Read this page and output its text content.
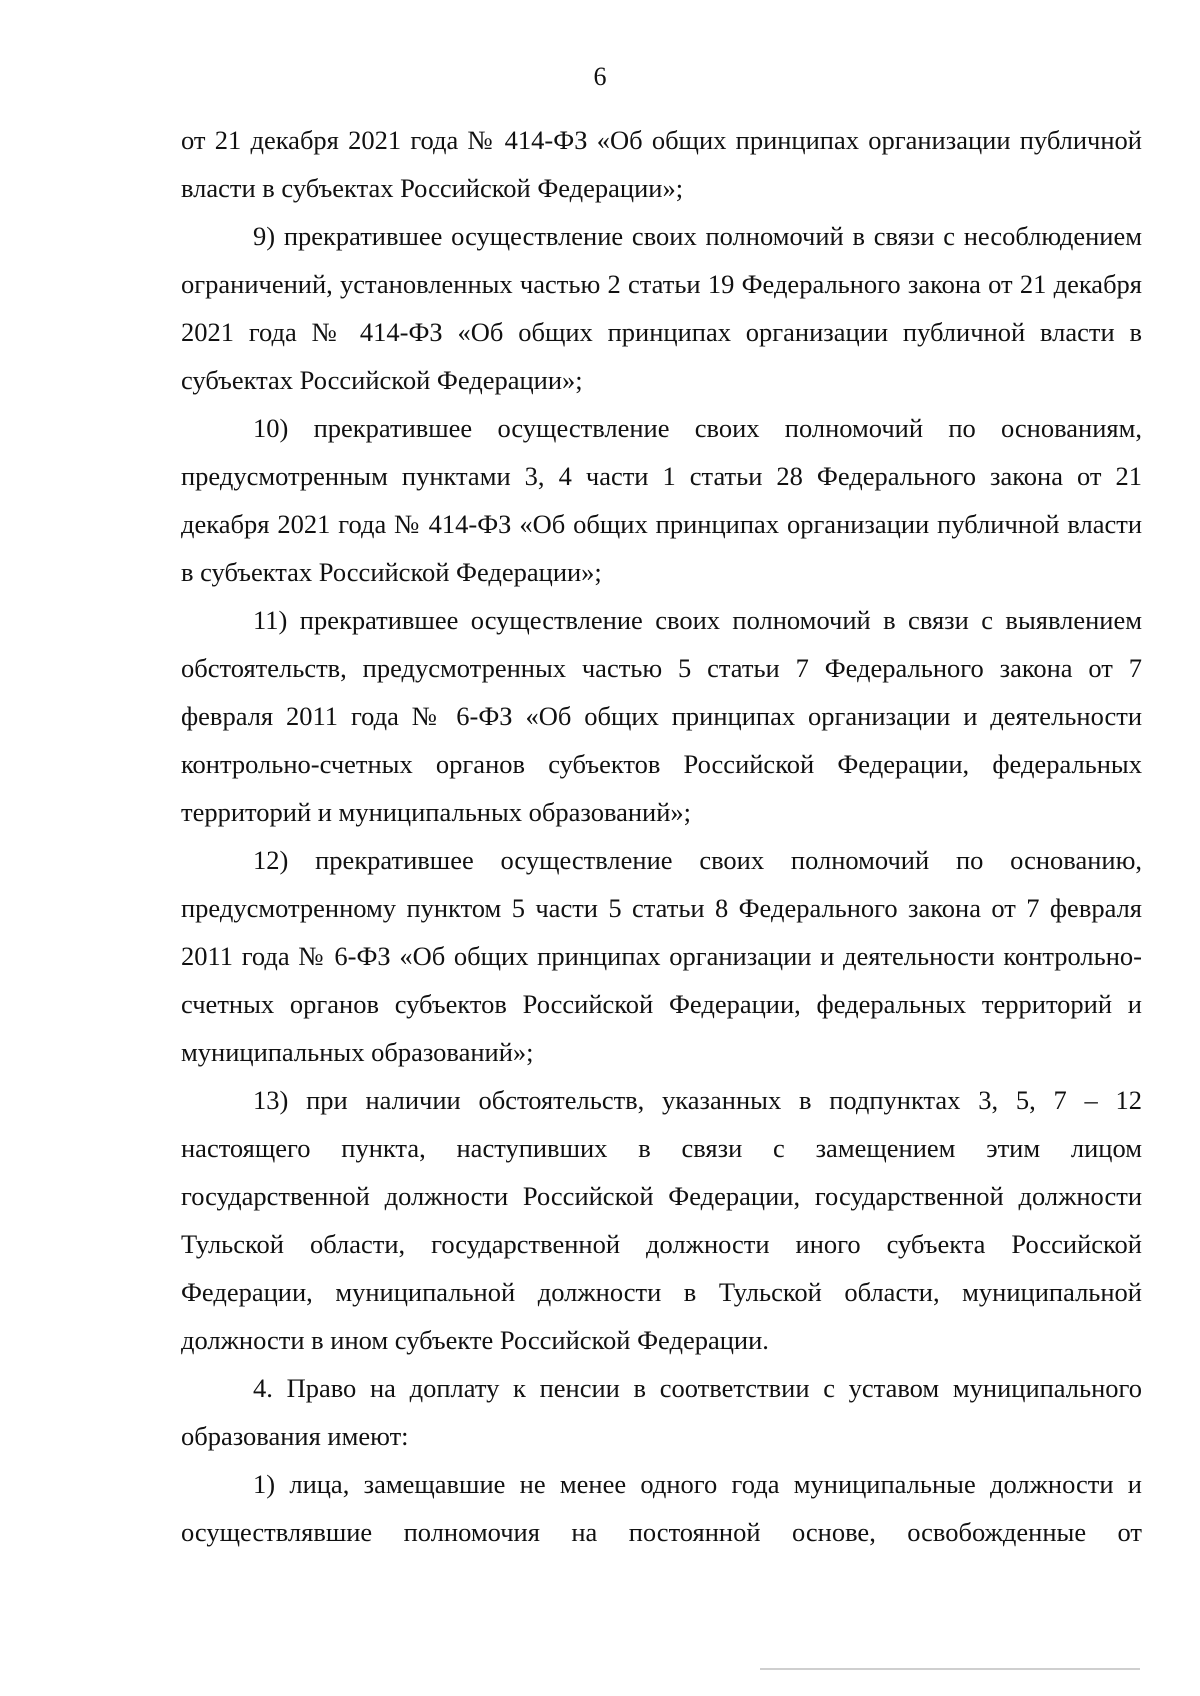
6

от 21 декабря 2021 года № 414-ФЗ «Об общих принципах организации публичной власти в субъектах Российской Федерации»;

9) прекратившее осуществление своих полномочий в связи с несоблюдением ограничений, установленных частью 2 статьи 19 Федерального закона от 21 декабря 2021 года № 414-ФЗ «Об общих принципах организации публичной власти в субъектах Российской Федерации»;

10) прекратившее осуществление своих полномочий по основаниям, предусмотренным пунктами 3, 4 части 1 статьи 28 Федерального закона от 21 декабря 2021 года № 414-ФЗ «Об общих принципах организации публичной власти в субъектах Российской Федерации»;

11) прекратившее осуществление своих полномочий в связи с выявлением обстоятельств, предусмотренных частью 5 статьи 7 Федерального закона от 7 февраля 2011 года № 6-ФЗ «Об общих принципах организации и деятельности контрольно-счетных органов субъектов Российской Федерации, федеральных территорий и муниципальных образований»;

12) прекратившее осуществление своих полномочий по основанию, предусмотренному пунктом 5 части 5 статьи 8 Федерального закона от 7 февраля 2011 года № 6-ФЗ «Об общих принципах организации и деятельности контрольно-счетных органов субъектов Российской Федерации, федеральных территорий и муниципальных образований»;

13) при наличии обстоятельств, указанных в подпунктах 3, 5, 7 – 12 настоящего пункта, наступивших в связи с замещением этим лицом государственной должности Российской Федерации, государственной должности Тульской области, государственной должности иного субъекта Российской Федерации, муниципальной должности в Тульской области, муниципальной должности в ином субъекте Российской Федерации.

4. Право на доплату к пенсии в соответствии с уставом муниципального образования имеют:

1) лица, замещавшие не менее одного года муниципальные должности и осуществлявшие полномочия на постоянной основе, освобожденные от
